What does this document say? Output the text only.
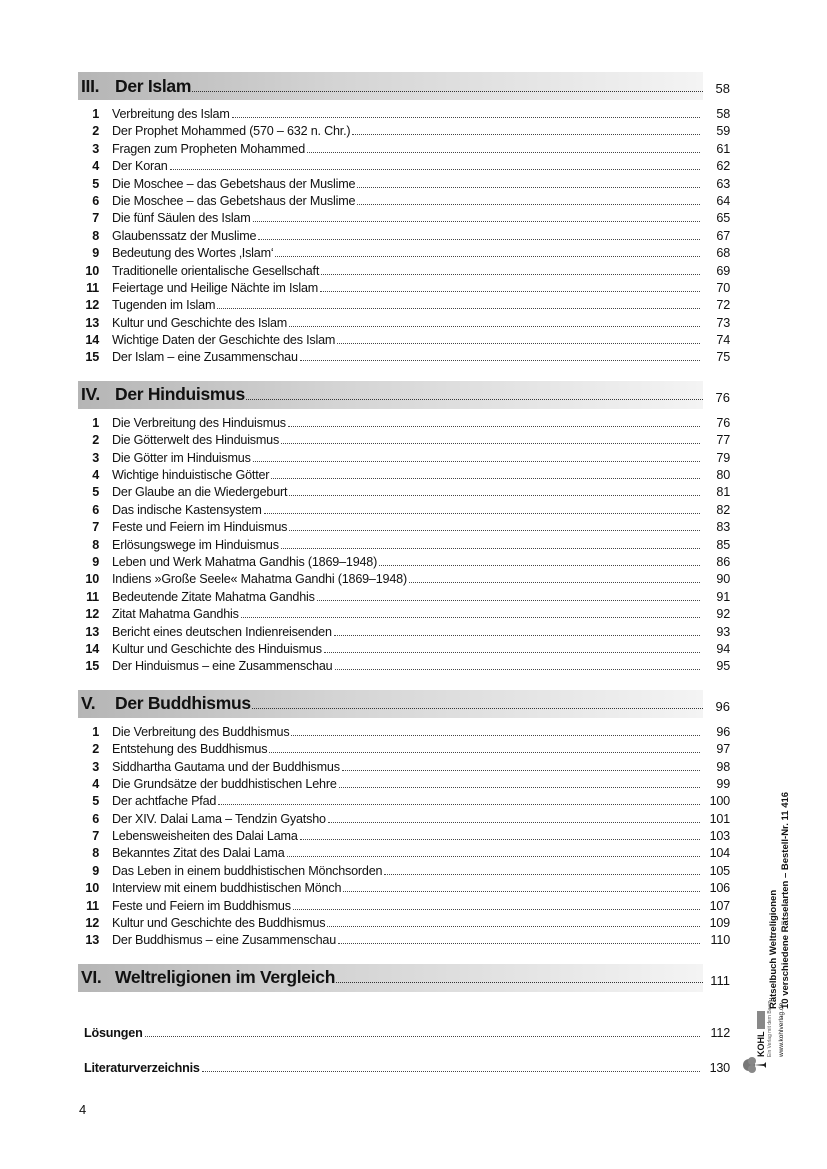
III. Der Islam	58
1	Verbreitung des Islam	58
2	Der Prophet Mohammed (570 – 632 n. Chr.)	59
3	Fragen zum Propheten Mohammed	61
4	Der Koran	62
5	Die Moschee – das Gebetshaus der Muslime	63
6	Die Moschee – das Gebetshaus der Muslime	64
7	Die fünf Säulen des Islam	65
8	Glaubenssatz der Muslime	67
9	Bedeutung des Wortes ‚Islam‘	68
10	Traditionelle orientalische Gesellschaft	69
11	Feiertage und Heilige Nächte im Islam	70
12	Tugenden im Islam	72
13	Kultur und Geschichte des Islam	73
14	Wichtige Daten der Geschichte des Islam	74
15	Der Islam – eine Zusammenschau	75
IV. Der Hinduismus	76
1	Die Verbreitung des Hinduismus	76
2	Die Götterwelt des Hinduismus	77
3	Die Götter im Hinduismus	79
4	Wichtige hinduistische Götter	80
5	Der Glaube an die Wiedergeburt	81
6	Das indische Kastensystem	82
7	Feste und Feiern im Hinduismus	83
8	Erlösungswege im Hinduismus	85
9	Leben und Werk Mahatma Gandhis (1869–1948)	86
10	Indiens »Große Seele« Mahatma Gandhi (1869–1948)	90
11	Bedeutende Zitate Mahatma Gandhis	91
12	Zitat Mahatma Gandhis	92
13	Bericht eines deutschen Indienreisenden	93
14	Kultur und Geschichte des Hinduismus	94
15	Der Hinduismus – eine Zusammenschau	95
V.	Der Buddhismus	96
1	Die Verbreitung des Buddhismus	96
2	Entstehung des Buddhismus	97
3	Siddhartha Gautama und der Buddhismus	98
4	Die Grundsätze der buddhistischen Lehre	99
5	Der achtfache Pfad	100
6	Der XIV. Dalai Lama – Tendzin Gyatsho	101
7	Lebensweisheiten des Dalai Lama	103
8	Bekanntes Zitat des Dalai Lama	104
9	Das Leben in einem buddhistischen Mönchsorden	105
10	Interview mit einem buddhistischen Mönch	106
11	Feste und Feiern im Buddhismus	107
12	Kultur und Geschichte des Buddhismus	109
13	Der Buddhismus – eine Zusammenschau	110
VI. Weltreligionen im Vergleich	111
Lösungen	112
Literaturverzeichnis	130
4
KOHL Ein Verlag mit dem Baum www.kohlverlag.de
Rätselbuch Weltreligionen 10 verschiedene Rätselarten – Bestell-Nr. 11 416
